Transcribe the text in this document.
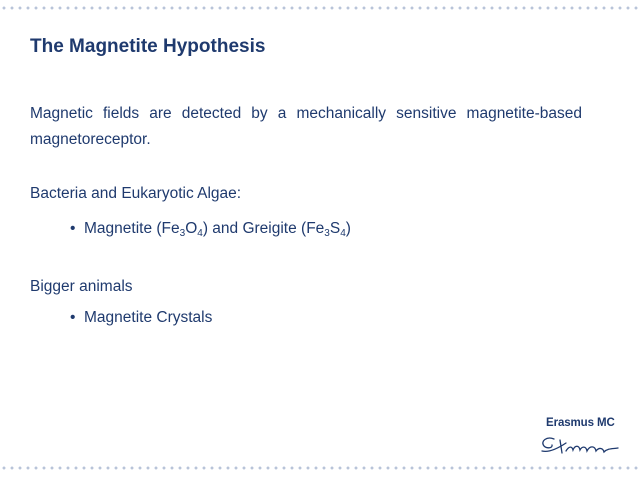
The Magnetite Hypothesis

Magnetic fields are detected by a mechanically sensitive magnetite-based magnetoreceptor.

Bacteria and Eukaryotic Algae:

• Magnetite $(Fe_3O_4)$ and Greigite $(Fe_3S_4)$

Bigger animals

• Magnetite Crystals

Erasmus MC
